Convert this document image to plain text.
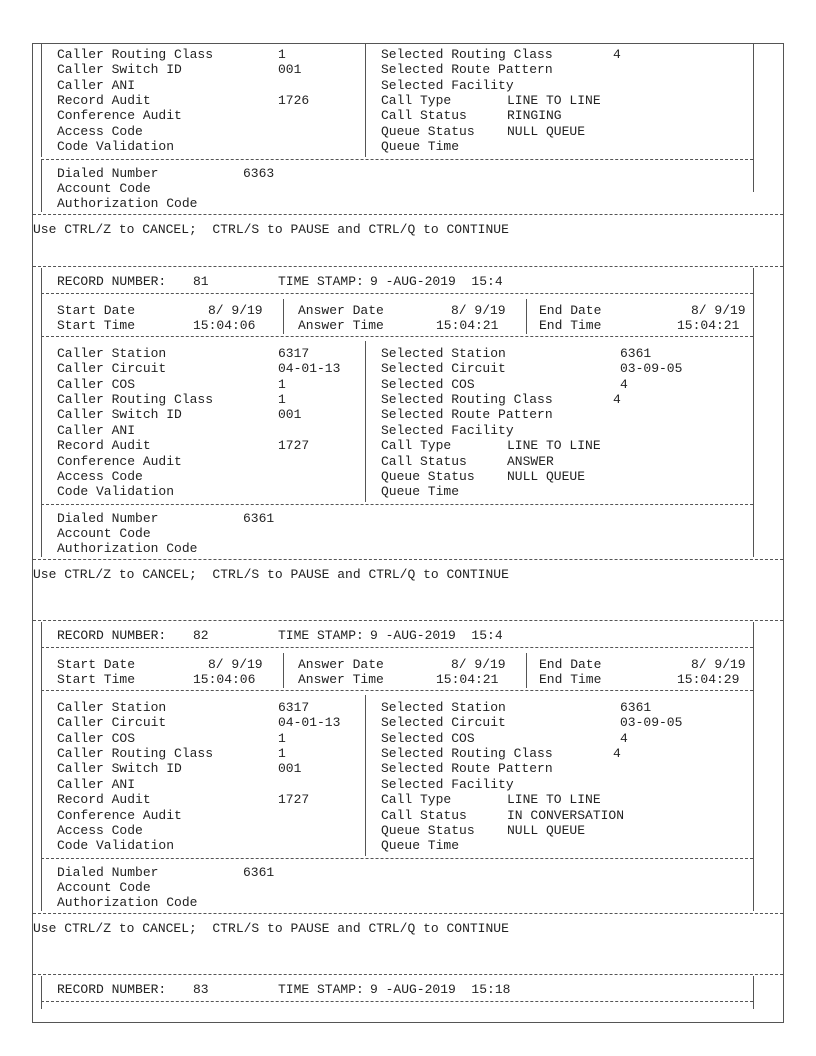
Caller Routing Class	1	Selected Routing Class	4
Caller Switch ID	001	Selected Route Pattern
Caller ANI	Selected Facility
Record Audit	1726	Call Type	LINE TO LINE
Conference Audit	Call Status	RINGING
Access Code	Queue Status NULL QUEUE
Code Validation	Queue Time
Dialed Number	6363
Account Code
Authorization Code
Use CTRL/Z to CANCEL;  CTRL/S to PAUSE and CTRL/Q to CONTINUE
RECORD NUMBER: 81	TIME STAMP: 9 -AUG-2019  15:4
Start Date	8/ 9/19	Answer Date	8/ 9/19	End Date	8/ 9/19
Start Time	15:04:06	Answer Time	15:04:21	End Time	15:04:21
Caller Station	6317	Selected Station	6361
Caller Circuit	04-01-13	Selected Circuit	03-09-05
Caller COS	1	Selected COS	4
Caller Routing Class	1	Selected Routing Class	4
Caller Switch ID	001	Selected Route Pattern
Caller ANI	Selected Facility
Record Audit	1727	Call Type	LINE TO LINE
Conference Audit	Call Status	ANSWER
Access Code	Queue Status NULL QUEUE
Code Validation	Queue Time
Dialed Number	6361
Account Code
Authorization Code
Use CTRL/Z to CANCEL;  CTRL/S to PAUSE and CTRL/Q to CONTINUE
RECORD NUMBER: 82	TIME STAMP: 9 -AUG-2019  15:4
Start Date	8/ 9/19	Answer Date	8/ 9/19	End Date	8/ 9/19
Start Time	15:04:06	Answer Time	15:04:21	End Time	15:04:29
Caller Station	6317	Selected Station	6361
Caller Circuit	04-01-13	Selected Circuit	03-09-05
Caller COS	1	Selected COS	4
Caller Routing Class	1	Selected Routing Class	4
Caller Switch ID	001	Selected Route Pattern
Caller ANI	Selected Facility
Record Audit	1727	Call Type	LINE TO LINE
Conference Audit	Call Status	IN CONVERSATION
Access Code	Queue Status NULL QUEUE
Code Validation	Queue Time
Dialed Number	6361
Account Code
Authorization Code
Use CTRL/Z to CANCEL;  CTRL/S to PAUSE and CTRL/Q to CONTINUE
RECORD NUMBER: 83	TIME STAMP: 9 -AUG-2019  15:18
